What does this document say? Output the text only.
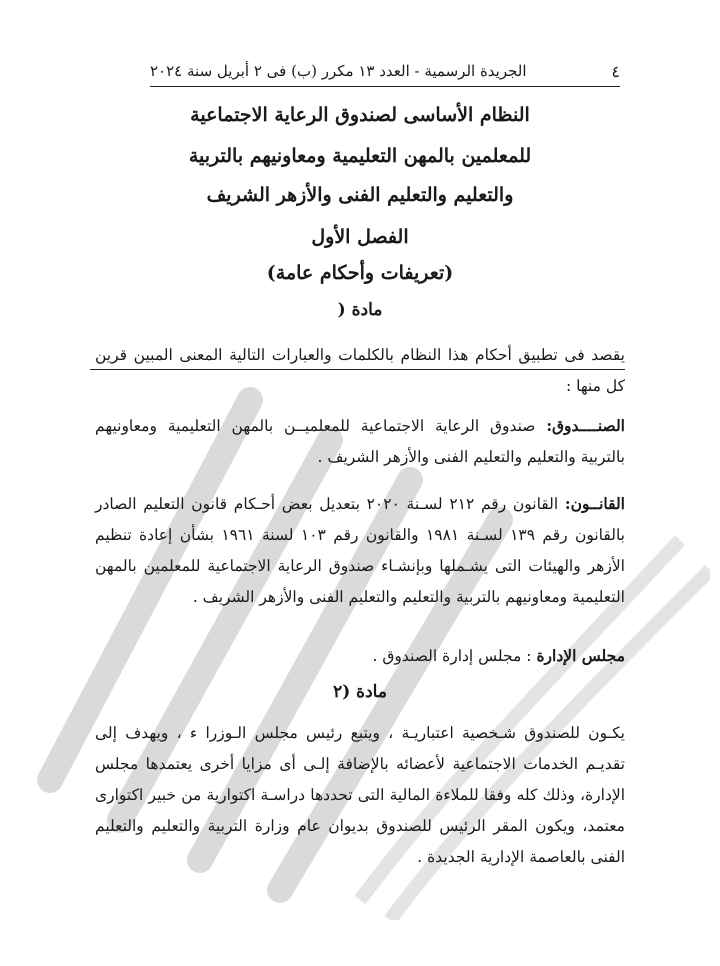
٤
الجريدة الرسمية - العدد ١٣ مكرر (ب) فى ٢ أبريل سنة ٢٠٢٤
النظام الأساسى لصندوق الرعاية الاجتماعية
للمعلمين بالمهن التعليمية ومعاونيهم بالتربية
والتعليم والتعليم الفنى والأزهر الشريف
الفصل الأول
(تعريفات وأحكام عامة)
مادة (
يقصد فى تطبيق أحكام هذا النظام بالكلمات والعبارات التالية المعنى المبين قرين كل منها :
الصنــــدوق: صندوق الرعاية الاجتماعية للمعلميــن بالمهن التعليمية ومعاونيهم بالتربية والتعليم والتعليم الفنى والأزهر الشريف .
القانــون: القانون رقم ٢١٢ لسـنة ٢٠٢٠ بتعديل بعض أحـكام قانون التعليم الصادر بالقانون رقم ١٣٩ لسـنة ١٩٨١ والقانون رقم ١٠٣ لسنة ١٩٦١ بشأن إعادة تنظيم الأزهر والهيئات التى يشـملها وبإنشـاء صندوق الرعاية الاجتماعية للمعلمين بالمهن التعليمية ومعاونيهم بالتربية والتعليم والتعليم الفنى والأزهر الشريف .
مجلس الإدارة : مجلس إدارة الصندوق .
مادة (٢
يكـون للصندوق شـخصية اعتباريـة ، ويتبع رئيس مجلس الـوزرا ء ، ويهدف إلى تقديـم الخدمات الاجتماعية لأعضائه بالإضافة إلـى أى مزايا أخرى يعتمدها مجلس الإدارة، وذلك كله وفقا للملاءة المالية التى تحددها دراسـة اكتوارية من خبير اكتوارى معتمد، ويكون المقر الرئيس للصندوق بديوان عام وزارة التربية والتعليم والتعليم الفنى بالعاصمة الإدارية الجديدة .
